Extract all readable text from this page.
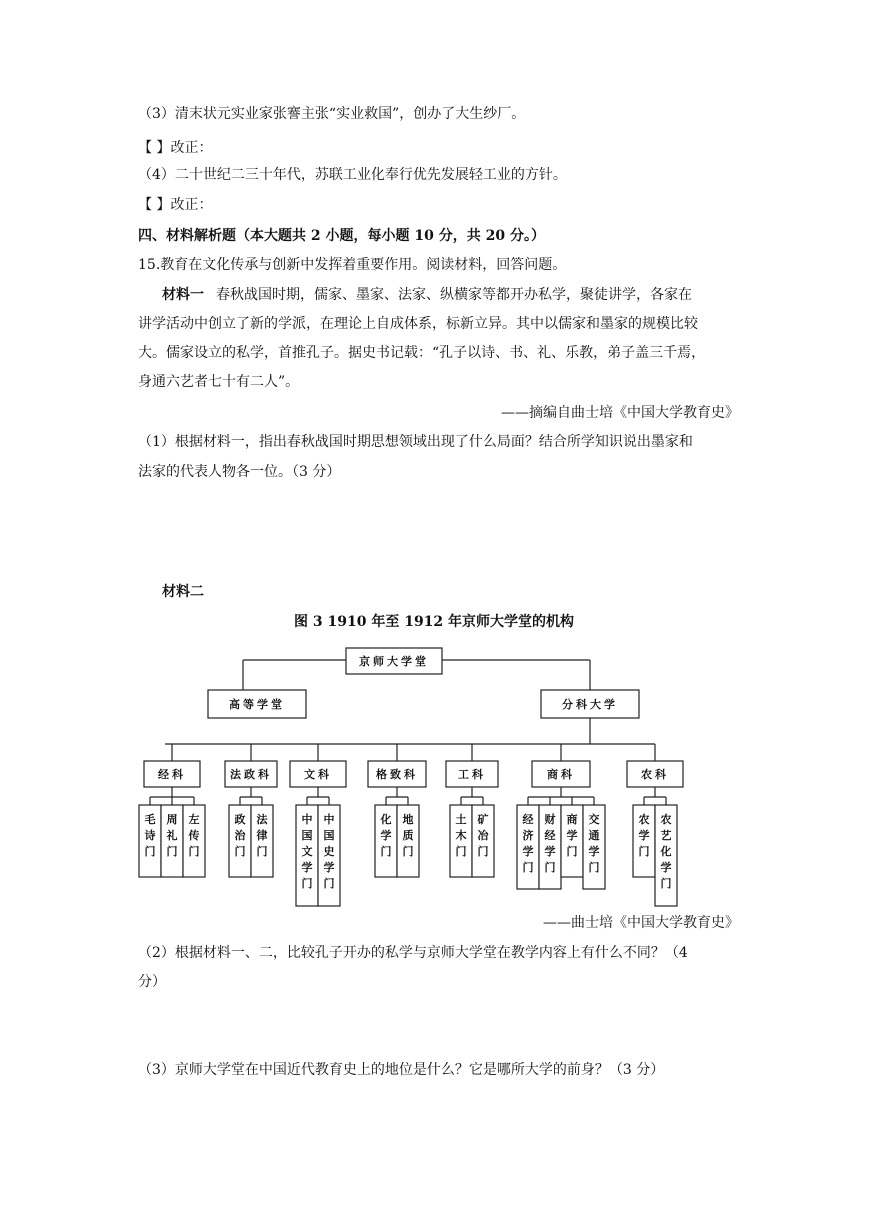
（3）清末状元实业家张謇主张“实业救国”，创办了大生纱厂。
【 】改正：
（4）二十世纪二三十年代，苏联工业化奉行优先发展轻工业的方针。
【 】改正：
四、材料解析题（本大题共 2 小题，每小题 10 分，共 20 分。）
15.教育在文化传承与创新中发挥着重要作用。阅读材料，回答问题。
材料一 春秋战国时期，儒家、墨家、法家、纵横家等都开办私学，聚徒讲学，各家在
讲学活动中创立了新的学派，在理论上自成体系，标新立异。其中以儒家和墨家的规模比较
大。儒家设立的私学，首推孔子。据史书记载：“孔子以诗、书、礼、乐教，弟子盖三千焉，
身通六艺者七十有二人”。
——摘编自曲士培《中国大学教育史》
（1）根据材料一，指出春秋战国时期思想领域出现了什么局面？结合所学知识说出墨家和
法家的代表人物各一位。（3 分）
材料二
图 3 1910 年至 1912 年京师大学堂的机构
京师大学堂
高等学堂	分科大学
经科
毛
诗
门
周
礼
门
左
传
门
法政科
政
治
门
法
律
门
文科
中
国
文
学
门
中
国
史
学
门
格致科
化
学
门
地
质
门
工科
土
木
门
矿
冶
门
商科
经
济
学
门
财
经
学
门
商
学
门
交
通
学
门
农科
农
学
门
农
艺
化
学
门
——曲士培《中国大学教育史》
（2）根据材料一、二，比较孔子开办的私学与京师大学堂在教学内容上有什么不同？（4
分）
（3）京师大学堂在中国近代教育史上的地位是什么？它是哪所大学的前身？（3 分）
